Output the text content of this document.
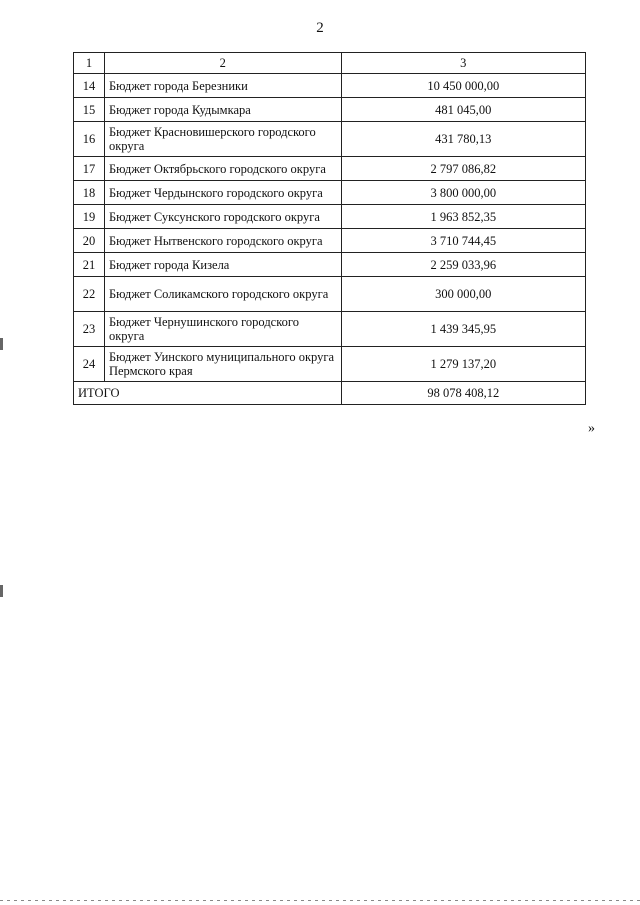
2
1	2	3
14	Бюджет города Березники	10 450 000,00
15	Бюджет города Кудымкара	481 045,00
16	Бюджет Красновишерского городского округа	431 780,13
17	Бюджет Октябрьского городского округа	2 797 086,82
18	Бюджет Чердынского городского округа	3 800 000,00
19	Бюджет Суксунского городского округа	1 963 852,35
20	Бюджет Нытвенского городского округа	3 710 744,45
21	Бюджет города Кизела	2 259 033,96
22	Бюджет Соликамского городского округа	300 000,00
23	Бюджет Чернушинского городского округа	1 439 345,95
24	Бюджет Уинского муниципального округа Пермского края	1 279 137,20
ИТОГО		98 078 408,12
»
